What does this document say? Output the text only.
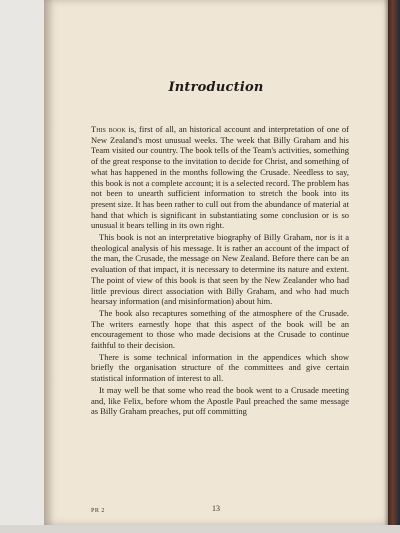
Introduction

This book is, first of all, an historical account and interpretation of one of New Zealand's most unusual weeks. The week that Billy Graham and his Team visited our country. The book tells of the Team's activities, something of the great response to the invitation to decide for Christ, and something of what has happened in the months following the Crusade. Needless to say, this book is not a complete account; it is a selected record. The problem has not been to unearth sufficient information to stretch the book into its present size. It has been rather to cull out from the abundance of material at hand that which is significant in substantiating some conclusion or is so unusual it bears telling in its own right.

This book is not an interpretative biography of Billy Graham, nor is it a theological analysis of his message. It is rather an account of the impact of the man, the Crusade, the message on New Zealand. Before there can be an evaluation of that impact, it is necessary to determine its nature and extent. The point of view of this book is that seen by the New Zealander who had little previous direct association with Billy Graham, and who had much hearsay information (and misinformation) about him.

The book also recaptures something of the atmosphere of the Crusade. The writers earnestly hope that this aspect of the book will be an encouragement to those who made decisions at the Crusade to continue faithful to their decision.

There is some technical information in the appendices which show briefly the organisation structure of the committees and give certain statistical information of interest to all.

It may well be that some who read the book went to a Crusade meeting and, like Felix, before whom the Apostle Paul preached the same message as Billy Graham preaches, put off committing

PR 2	13
